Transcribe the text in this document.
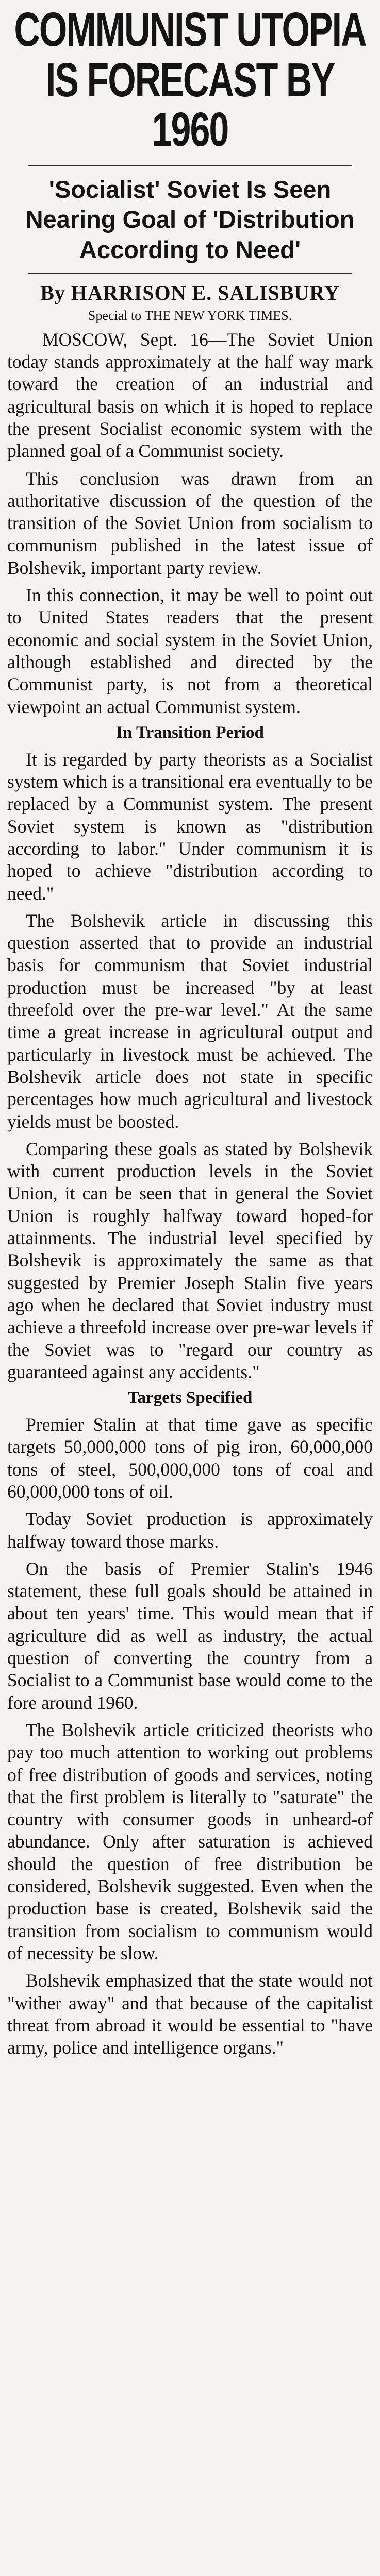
COMMUNIST UTOPIA
IS FORECAST BY 1960
'Socialist' Soviet Is Seen Nearing Goal of 'Distribution According to Need'
By HARRISON E. SALISBURY
Special to THE NEW YORK TIMES.

MOSCOW, Sept. 16—The Soviet Union today stands approximately at the half way mark toward the creation of an industrial and agricultural basis on which it is hoped to replace the present Socialist economic system with the planned goal of a Communist society.

This conclusion was drawn from an authoritative discussion of the question of the transition of the Soviet Union from socialism to communism published in the latest issue of Bolshevik, important party review.

In this connection, it may be well to point out to United States readers that the present economic and social system in the Soviet Union, although established and directed by the Communist party, is not from a theoretical viewpoint an actual Communist system.

In Transition Period

It is regarded by party theorists as a Socialist system which is a transitional era eventually to be replaced by a Communist system. The present Soviet system is known as "distribution according to labor." Under communism it is hoped to achieve "distribution according to need."

The Bolshevik article in discussing this question asserted that to provide an industrial basis for communism that Soviet industrial production must be increased "by at least threefold over the pre-war level." At the same time a great increase in agricultural output and particularly in livestock must be achieved. The Bolshevik article does not state in specific percentages how much agricultural and livestock yields must be boosted.

Comparing these goals as stated by Bolshevik with current production levels in the Soviet Union, it can be seen that in general the Soviet Union is roughly halfway toward hoped-for attainments. The industrial level specified by Bolshevik is approximately the same as that suggested by Premier Joseph Stalin five years ago when he declared that Soviet industry must achieve a threefold increase over pre-war levels if the Soviet was to "regard our country as guaranteed against any accidents."

Targets Specified

Premier Stalin at that time gave as specific targets 50,000,000 tons of pig iron, 60,000,000 tons of steel, 500,000,000 tons of coal and 60,000,000 tons of oil.

Today Soviet production is approximately halfway toward those marks.

On the basis of Premier Stalin's 1946 statement, these full goals should be attained in about ten years' time. This would mean that if agriculture did as well as industry, the actual question of converting the country from a Socialist to a Communist base would come to the fore around 1960.

The Bolshevik article criticized theorists who pay too much attention to working out problems of free distribution of goods and services, noting that the first problem is literally to "saturate" the country with consumer goods in unheard-of abundance. Only after saturation is achieved should the question of free distribution be considered, Bolshevik suggested. Even when the production base is created, Bolshevik said the transition from socialism to communism would of necessity be slow.

Bolshevik emphasized that the state would not "wither away" and that because of the capitalist threat from abroad it would be essential to "have army, police and intelligence organs."
